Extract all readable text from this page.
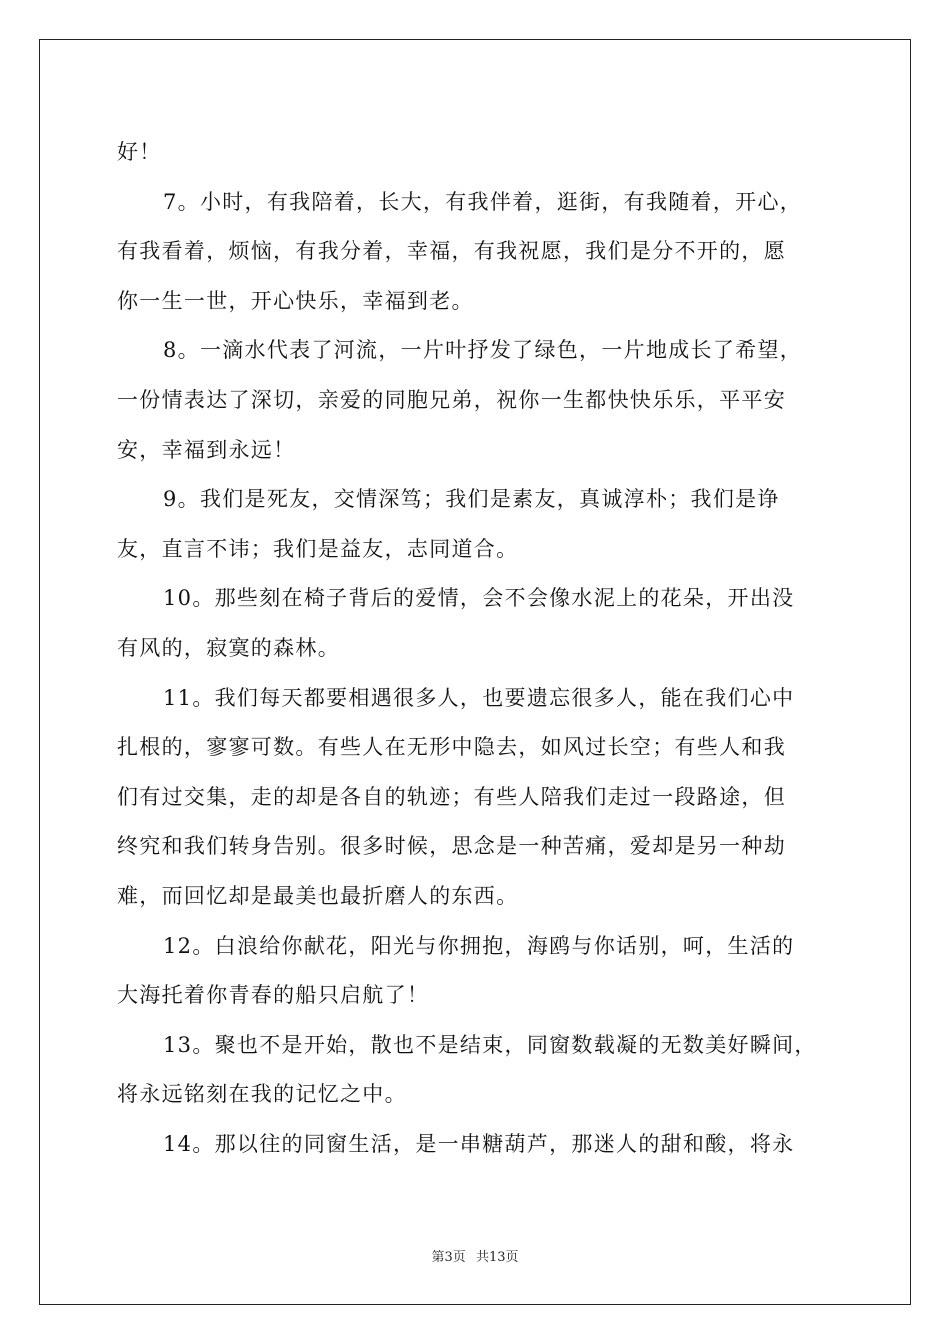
好！
7。小时，有我陪着，长大，有我伴着，逛街，有我随着，开心，
有我看着，烦恼，有我分着，幸福，有我祝愿，我们是分不开的，愿
你一生一世，开心快乐，幸福到老。
8。一滴水代表了河流，一片叶抒发了绿色，一片地成长了希望，
一份情表达了深切，亲爱的同胞兄弟，祝你一生都快快乐乐，平平安
安，幸福到永远！
9。我们是死友，交情深笃；我们是素友，真诚淳朴；我们是诤
友，直言不讳；我们是益友，志同道合。
10。那些刻在椅子背后的爱情，会不会像水泥上的花朵，开出没
有风的，寂寞的森林。
11。我们每天都要相遇很多人，也要遗忘很多人，能在我们心中
扎根的，寥寥可数。有些人在无形中隐去，如风过长空；有些人和我
们有过交集，走的却是各自的轨迹；有些人陪我们走过一段路途，但
终究和我们转身告别。很多时候，思念是一种苦痛，爱却是另一种劫
难，而回忆却是最美也最折磨人的东西。
12。白浪给你献花，阳光与你拥抱，海鸥与你话别，呵，生活的
大海托着你青春的船只启航了！
13。聚也不是开始，散也不是结束，同窗数载凝的无数美好瞬间，
将永远铭刻在我的记忆之中。
14。那以往的同窗生活，是一串糖葫芦，那迷人的甜和酸，将永
第3页 共13页
